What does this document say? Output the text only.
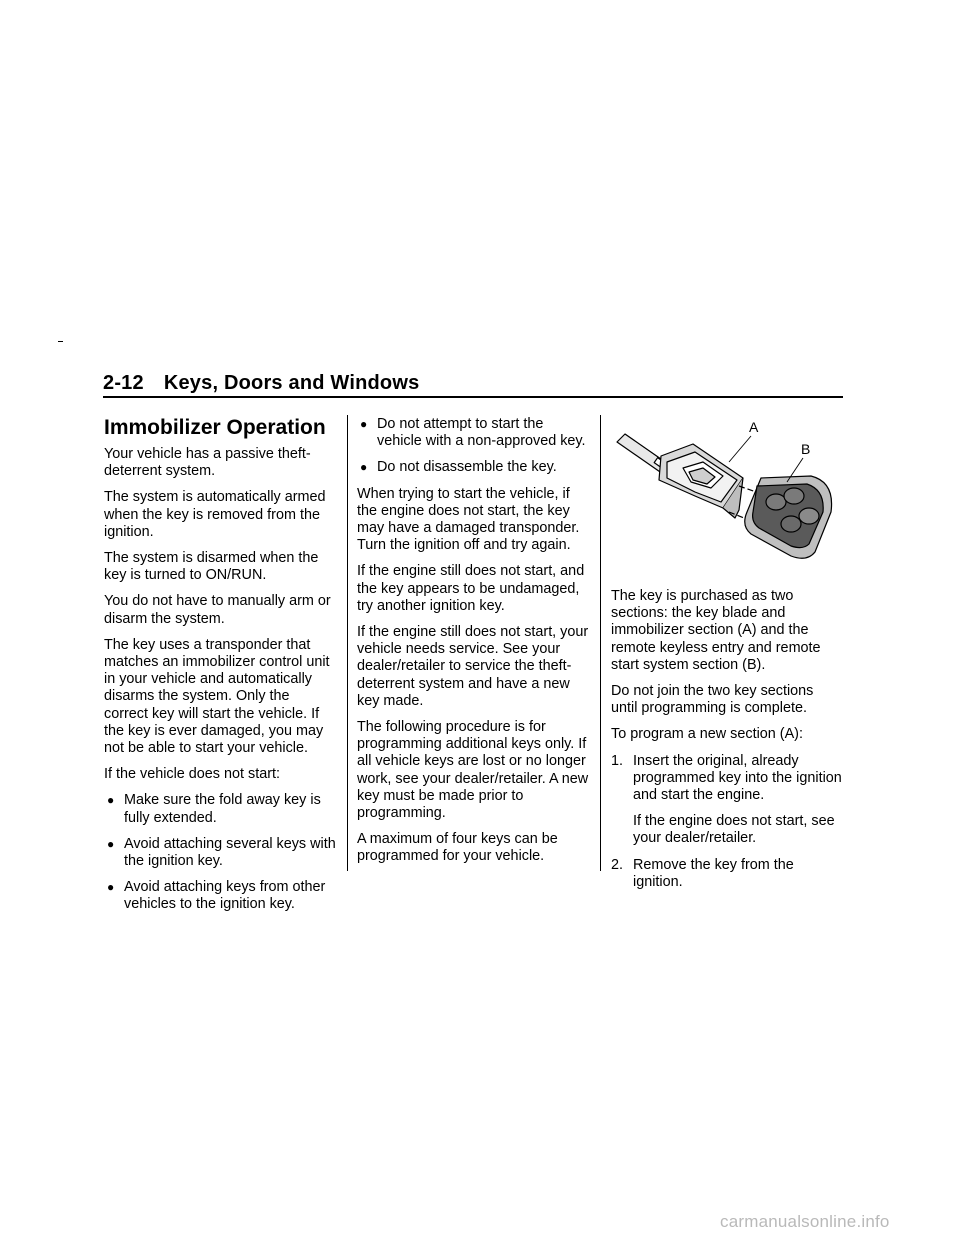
2-12 Keys, Doors and Windows
Immobilizer Operation

Your vehicle has a passive theft-deterrent system.

The system is automatically armed when the key is removed from the ignition.

The system is disarmed when the key is turned to ON/RUN.

You do not have to manually arm or disarm the system.

The key uses a transponder that matches an immobilizer control unit in your vehicle and automatically disarms the system. Only the correct key will start the vehicle. If the key is ever damaged, you may not be able to start your vehicle.

If the vehicle does not start:

● Make sure the fold away key is fully extended.
● Avoid attaching several keys with the ignition key.
● Avoid attaching keys from other vehicles to the ignition key.
● Do not attempt to start the vehicle with a non-approved key.
● Do not disassemble the key.

When trying to start the vehicle, if the engine does not start, the key may have a damaged transponder. Turn the ignition off and try again.

If the engine still does not start, and the key appears to be undamaged, try another ignition key.

If the engine still does not start, your vehicle needs service. See your dealer/retailer to service the theft-deterrent system and have a new key made.

The following procedure is for programming additional keys only. If all vehicle keys are lost or no longer work, see your dealer/retailer. A new key must be made prior to programming.

A maximum of four keys can be programmed for your vehicle.

A
B

The key is purchased as two sections: the key blade and immobilizer section (A) and the remote keyless entry and remote start system section (B).

Do not join the two key sections until programming is complete.

To program a new section (A):

1. Insert the original, already programmed key into the ignition and start the engine.
If the engine does not start, see your dealer/retailer.
2. Remove the key from the ignition.
carmanualsonline.info
